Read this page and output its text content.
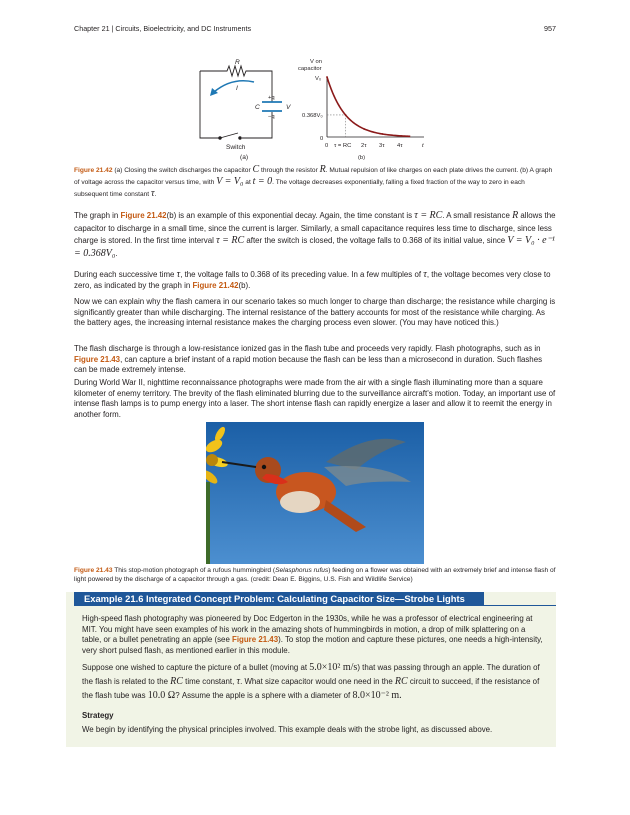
Chapter 21 | Circuits, Bioelectricity, and DC Instruments	957
R
I
C	V
+q
−q
Switch
(a)
V on
capacitor
V₀
0.368V₀
0
0 τ = RC 2τ 3τ 4τ	t
(b)
Figure 21.42 (a) Closing the switch discharges the capacitor C through the resistor R. Mutual repulsion of like charges on each plate drives the current. (b) A graph of voltage across the capacitor versus time, with V = V₀ at t = 0. The voltage decreases exponentially, falling a fixed fraction of the way to zero in each subsequent time constant τ.

The graph in Figure 21.42(b) is an example of this exponential decay. Again, the time constant is τ = RC. A small resistance R allows the capacitor to discharge in a small time, since the current is larger. Similarly, a small capacitance requires less time to discharge, since less charge is stored. In the first time interval τ = RC after the switch is closed, the voltage falls to 0.368 of its initial value, since V = V₀ · e⁻¹ = 0.368V₀.

During each successive time τ, the voltage falls to 0.368 of its preceding value. In a few multiples of τ, the voltage becomes very close to zero, as indicated by the graph in Figure 21.42(b).

Now we can explain why the flash camera in our scenario takes so much longer to charge than discharge; the resistance while charging is significantly greater than while discharging. The internal resistance of the battery accounts for most of the resistance while charging. As the battery ages, the increasing internal resistance makes the charging process even slower. (You may have noticed this.)

The flash discharge is through a low-resistance ionized gas in the flash tube and proceeds very rapidly. Flash photographs, such as in Figure 21.43, can capture a brief instant of a rapid motion because the flash can be less than a microsecond in duration. Such flashes can be made extremely intense.

During World War II, nighttime reconnaissance photographs were made from the air with a single flash illuminating more than a square kilometer of enemy territory. The brevity of the flash eliminated blurring due to the surveillance aircraft's motion. Today, an important use of intense flash lamps is to pump energy into a laser. The short intense flash can rapidly energize a laser and allow it to reemit the energy in another form.

Figure 21.43 This stop-motion photograph of a rufous hummingbird (Selasphorus rufus) feeding on a flower was obtained with an extremely brief and intense flash of light powered by the discharge of a capacitor through a gas. (credit: Dean E. Biggins, U.S. Fish and Wildlife Service)
Example 21.6 Integrated Concept Problem: Calculating Capacitor Size—Strobe Lights

High-speed flash photography was pioneered by Doc Edgerton in the 1930s, while he was a professor of electrical engineering at MIT. You might have seen examples of his work in the amazing shots of hummingbirds in motion, a drop of milk splattering on a table, or a bullet penetrating an apple (see Figure 21.43). To stop the motion and capture these pictures, one needs a high-intensity, very short pulsed flash, as mentioned earlier in this module.

Suppose one wished to capture the picture of a bullet (moving at 5.0×10² m/s) that was passing through an apple. The duration of the flash is related to the RC time constant, τ. What size capacitor would one need in the RC circuit to succeed, if the resistance of the flash tube was 10.0 Ω? Assume the apple is a sphere with a diameter of 8.0×10⁻² m.

Strategy

We begin by identifying the physical principles involved. This example deals with the strobe light, as discussed above.
